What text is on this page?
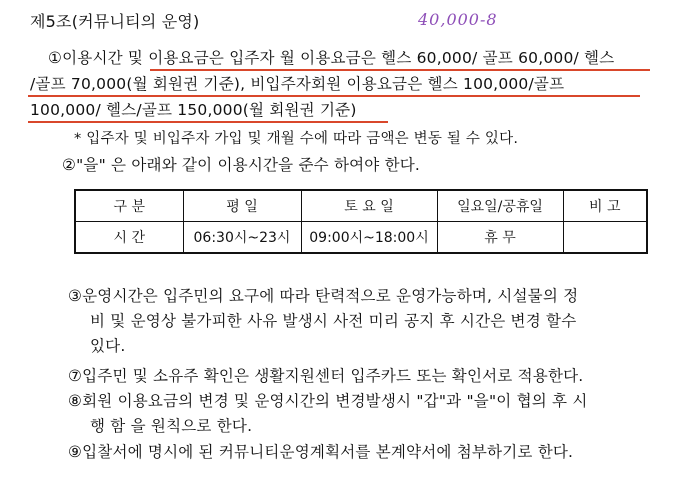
제5조(커뮤니티의 운영)	40,000-8
①이용시간 및 이용요금은 입주자 월 이용요금은 헬스 60,000/ 골프 60,000/ 헬스
/골프 70,000(월 회원권 기준), 비입주자회원 이용요금은 헬스 100,000/골프
100,000/ 헬스/골프 150,000(월 회원권 기준)
* 입주자 및 비입주자 가입 및 개월 수에 따라 금액은 변동 될 수 있다.
②"을" 은 아래와 같이 이용시간을 준수 하여야 한다.
구 분	평 일	토 요 일	일요일/공휴일	비 고
시 간	06:30시~23시	09:00시~18:00시	휴 무	
③운영시간은 입주민의 요구에 따라 탄력적으로 운영가능하며, 시설물의 정
비 및 운영상 불가피한 사유 발생시 사전 미리 공지 후 시간은 변경 할수
있다.
⑦입주민 및 소유주 확인은 생활지원센터 입주카드 또는 확인서로 적용한다.
⑧회원 이용요금의 변경 및 운영시간의 변경발생시 "갑"과 "을"이 협의 후 시
행 함 을 원칙으로 한다.
⑨입찰서에 명시에 된 커뮤니티운영계획서를 본계약서에 첨부하기로 한다.
